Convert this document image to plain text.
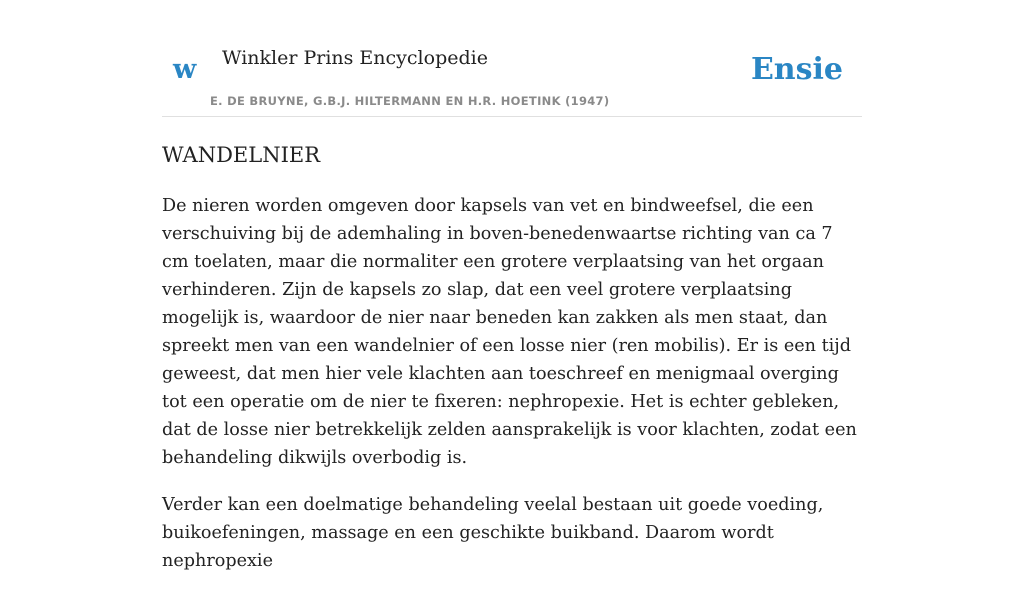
w Winkler Prins Encyclopedie
E. DE BRUYNE, G.B.J. HILTERMANN EN H.R. HOETINK (1947)
Ensie
WANDELNIER

De nieren worden omgeven door kapsels van vet en bindweefsel, die een verschuiving bij de ademhaling in boven-benedenwaartse richting van ca 7 cm toelaten, maar die normaliter een grotere verplaatsing van het orgaan verhinderen. Zijn de kapsels zo slap, dat een veel grotere verplaatsing mogelijk is, waardoor de nier naar beneden kan zakken als men staat, dan spreekt men van een wandelnier of een losse nier (ren mobilis). Er is een tijd geweest, dat men hier vele klachten aan toeschreef en menigmaal overging tot een operatie om de nier te fixeren: nephropexie. Het is echter gebleken, dat de losse nier betrekkelijk zelden aansprakelijk is voor klachten, zodat een behandeling dikwijls overbodig is.

Verder kan een doelmatige behandeling veelal bestaan uit goede voeding, buikoefeningen, massage en een geschikte buikband. Daarom wordt nephropexie
